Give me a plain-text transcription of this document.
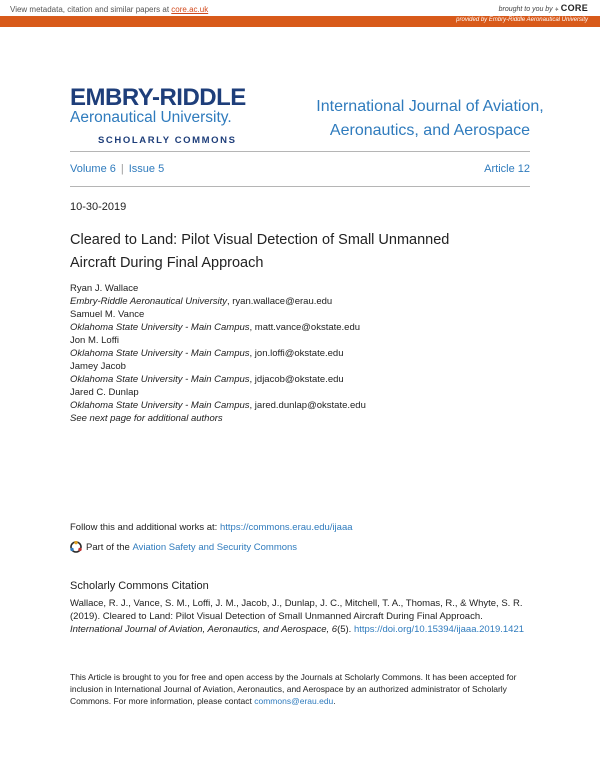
View metadata, citation and similar papers at core.ac.uk	brought to you by ✈ CORE
provided by Embry-Riddle Aeronautical University
EMBRY-RIDDLE
Aeronautical University.
SCHOLARLY COMMONS
International Journal of Aviation,
Aeronautics, and Aerospace
Volume 6 | Issue 5	Article 12
10-30-2019
Cleared to Land: Pilot Visual Detection of Small Unmanned
Aircraft During Final Approach
Ryan J. Wallace
Embry-Riddle Aeronautical University, ryan.wallace@erau.edu
Samuel M. Vance
Oklahoma State University - Main Campus, matt.vance@okstate.edu
Jon M. Loffi
Oklahoma State University - Main Campus, jon.loffi@okstate.edu
Jamey Jacob
Oklahoma State University - Main Campus, jdjacob@okstate.edu
Jared C. Dunlap
Oklahoma State University - Main Campus, jared.dunlap@okstate.edu
See next page for additional authors
Follow this and additional works at: https://commons.erau.edu/ijaaa
Part of the
Aviation Safety and Security Commons
Scholarly Commons Citation
Wallace, R. J., Vance, S. M., Loffi, J. M., Jacob, J., Dunlap, J. C., Mitchell, T. A., Thomas, R., & Whyte, S. R. (2019). Cleared to Land: Pilot Visual Detection of Small Unmanned Aircraft During Final Approach. International Journal of Aviation, Aeronautics, and Aerospace, 6(5). https://doi.org/10.15394/ijaaa.2019.1421
This Article is brought to you for free and open access by the Journals at Scholarly Commons. It has been accepted for inclusion in International Journal of Aviation, Aeronautics, and Aerospace by an authorized administrator of Scholarly Commons. For more information, please contact commons@erau.edu.
